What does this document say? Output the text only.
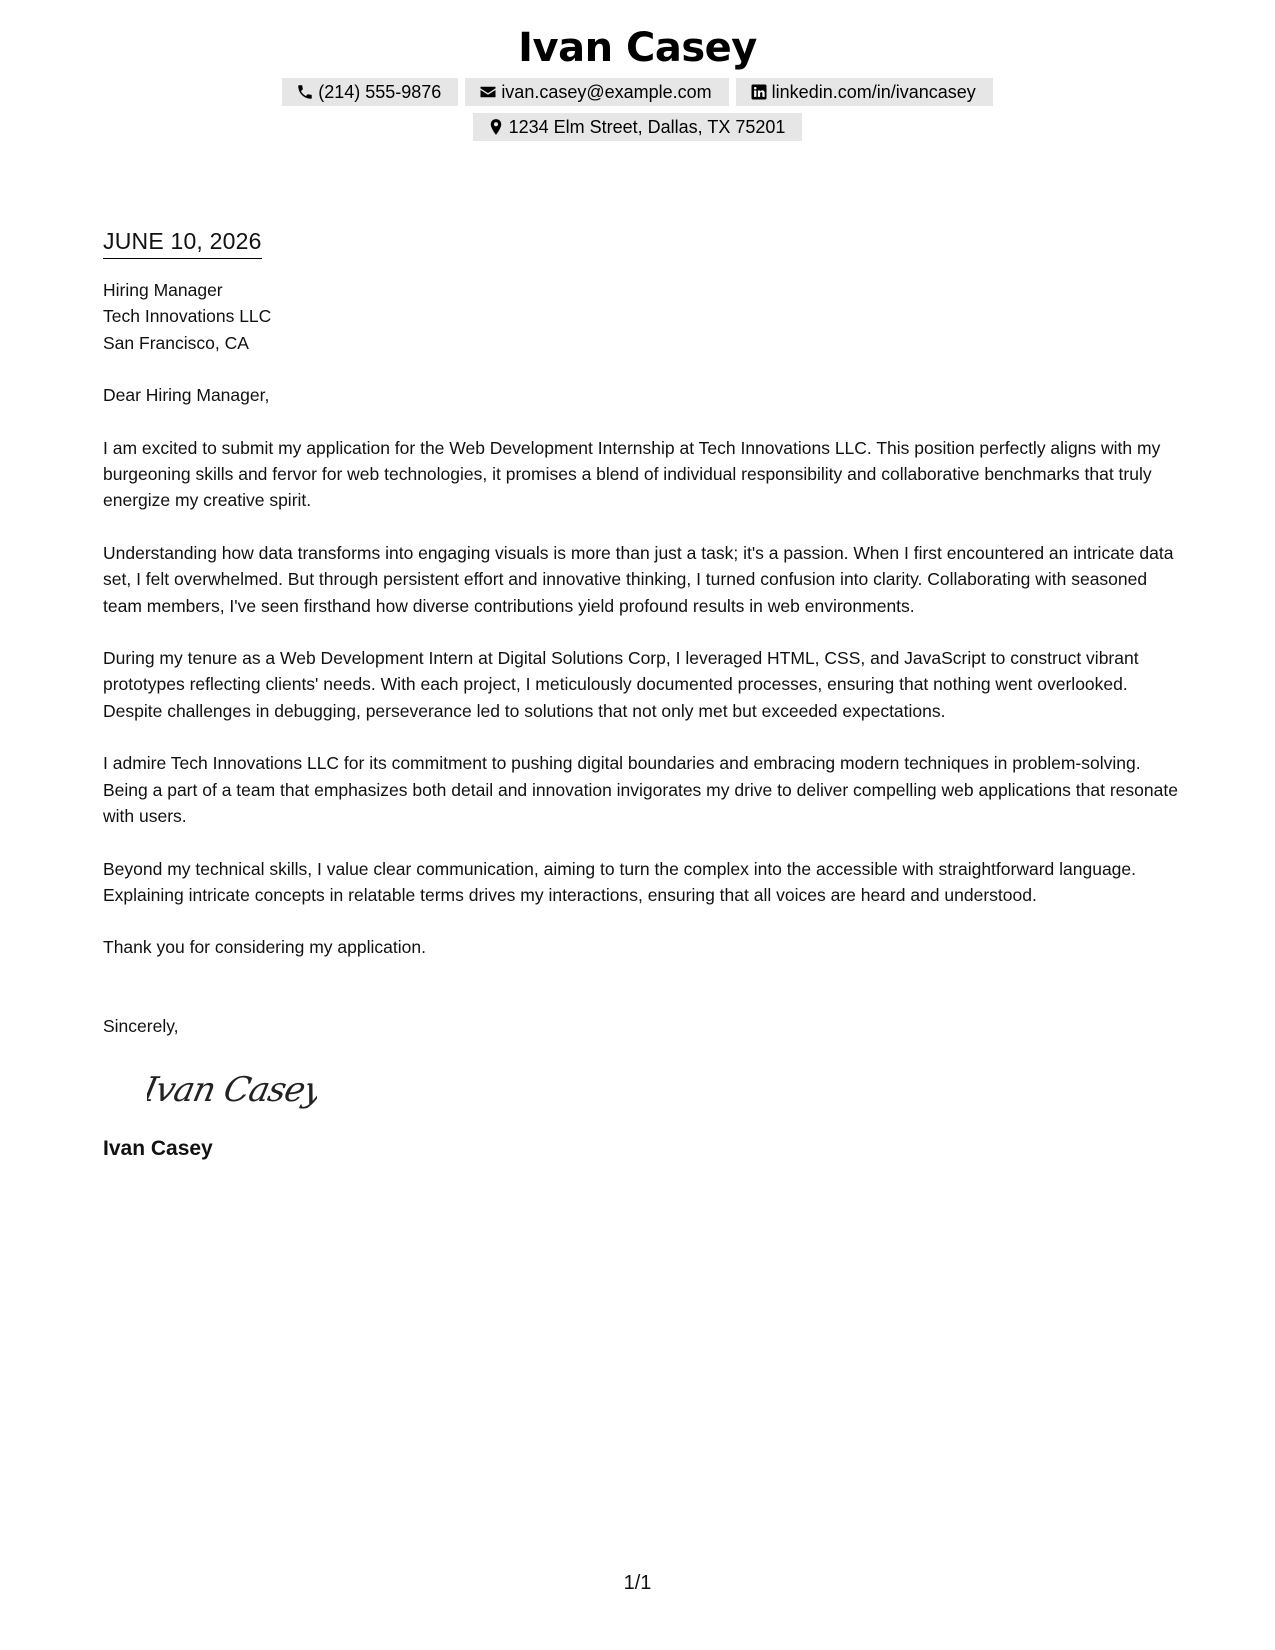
Ivan Casey
(214) 555-9876	ivan.casey@example.com	linkedin.com/in/ivancasey
1234 Elm Street, Dallas, TX 75201
JUNE 10, 2026
Hiring Manager
Tech Innovations LLC
San Francisco, CA
Dear Hiring Manager,

I am excited to submit my application for the Web Development Internship at Tech Innovations LLC. This position perfectly aligns with my burgeoning skills and fervor for web technologies, it promises a blend of individual responsibility and collaborative benchmarks that truly energize my creative spirit.

Understanding how data transforms into engaging visuals is more than just a task; it's a passion. When I first encountered an intricate data set, I felt overwhelmed. But through persistent effort and innovative thinking, I turned confusion into clarity. Collaborating with seasoned team members, I've seen firsthand how diverse contributions yield profound results in web environments.

During my tenure as a Web Development Intern at Digital Solutions Corp, I leveraged HTML, CSS, and JavaScript to construct vibrant prototypes reflecting clients' needs. With each project, I meticulously documented processes, ensuring that nothing went overlooked. Despite challenges in debugging, perseverance led to solutions that not only met but exceeded expectations.

I admire Tech Innovations LLC for its commitment to pushing digital boundaries and embracing modern techniques in problem-solving. Being a part of a team that emphasizes both detail and innovation invigorates my drive to deliver compelling web applications that resonate with users.

Beyond my technical skills, I value clear communication, aiming to turn the complex into the accessible with straightforward language. Explaining intricate concepts in relatable terms drives my interactions, ensuring that all voices are heard and understood.

Thank you for considering my application.

Sincerely,
Ivan Casey
Ivan Casey
1/1
